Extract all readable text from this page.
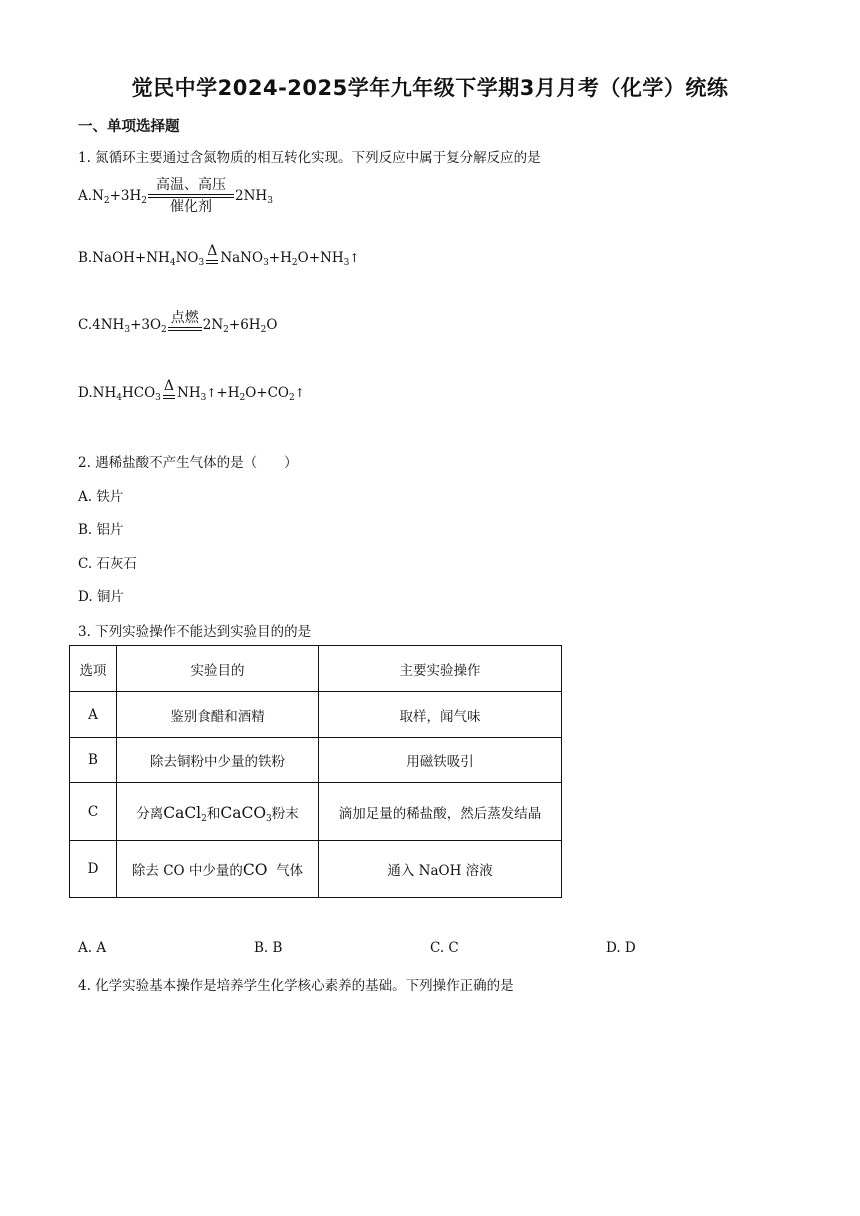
觉民中学2024-2025学年九年级下学期3月月考（化学）统练
一、单项选择题
1. 氮循环主要通过含氮物质的相互转化实现。下列反应中属于复分解反应的是
A. $N_2+3H_2$
高温、高压
催化剂
$2NH_3$
B. $NaOH+NH_4NO_3$
Δ $NaNO_3+H_2O+NH_3↑$
C. $4NH_3+3O_2$
点燃 $2N_2+6H_2O$
D. $NH_4HCO_3$
Δ $NH_3↑+H_2O+CO_2↑$
2. 遇稀盐酸不产生气体的是（　　）
A. 铁片
B. 铝片
C. 石灰石
D. 铜片
3. 下列实验操作不能达到实验目的的是
选项	实验目的	主要实验操作
A	鉴别食醋和酒精	取样，闻气味
B	除去铜粉中少量的铁粉	用磁铁吸引
C	分离CaCl$_2$和CaCO$_3$粉末	滴加足量的稀盐酸，然后蒸发结晶
D	除去 CO 中少量的CO 气体	通入 NaOH 溶液
A. A	B. B	C. C	D. D
4. 化学实验基本操作是培养学生化学核心素养的基础。下列操作正确的是
